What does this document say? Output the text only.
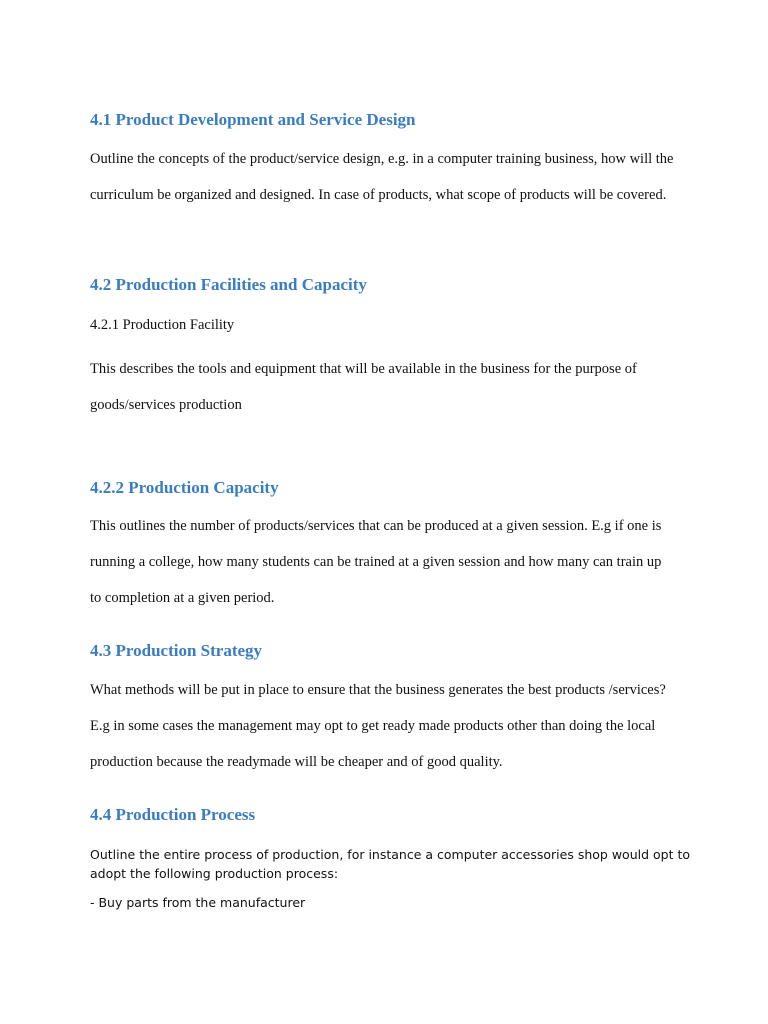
4.1 Product Development and Service Design

Outline the concepts of the product/service design, e.g. in a computer training business, how will the curriculum be organized and designed. In case of products, what scope of products will be covered.

4.2 Production Facilities and Capacity

4.2.1 Production Facility

This describes the tools and equipment that will be available in the business for the purpose of goods/services production

4.2.2 Production Capacity

This outlines the number of products/services that can be produced at a given session. E.g if one is running a college, how many students can be trained at a given session and how many can train up to completion at a given period.

4.3 Production Strategy

What methods will be put in place to ensure that the business generates the best products /services? E.g in some cases the management may opt to get ready made products other than doing the local production because the readymade will be cheaper and of good quality.

4.4 Production Process

Outline the entire process of production, for instance a computer accessories shop would opt to adopt the following production process:

- Buy parts from the manufacturer
